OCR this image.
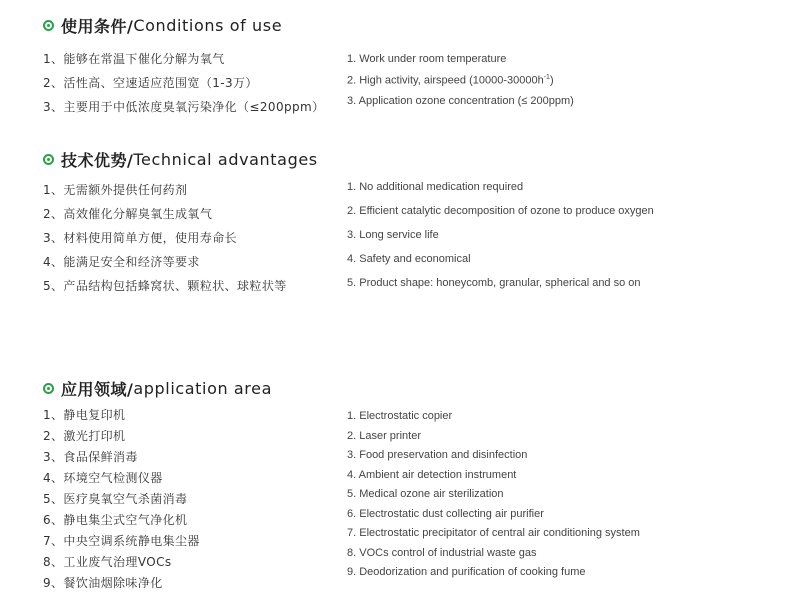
使用条件/ Conditions of use
1、能够在常温下催化分解为氧气
2、活性高、空速适应范围宽（1-3万）
3、主要用于中低浓度臭氧污染净化（≤200ppm）
1. Work under room temperature
2. High activity, airspeed $(10000-30000h^{-1})$
3. Application ozone concentration (≤ 200ppm)
技术优势/ Technical advantages
1、无需额外提供任何药剂
2、高效催化分解臭氧生成氧气
3、材料使用简单方便，使用寿命长
4、能满足安全和经济等要求
5、产品结构包括蜂窝状、颗粒状、球粒状等
1. No additional medication required
2. Efficient catalytic decomposition of ozone to produce oxygen
3. Long service life
4. Safety and economical
5. Product shape: honeycomb, granular, spherical and so on
应用领域/ application area
1、静电复印机
2、激光打印机
3、食品保鲜消毒
4、环境空气检测仪器
5、医疗臭氧空气杀菌消毒
6、静电集尘式空气净化机
7、中央空调系统静电集尘器
8、工业废气治理VOCs
9、餐饮油烟除味净化
1. Electrostatic copier
2. Laser printer
3. Food preservation and disinfection
4. Ambient air detection instrument
5. Medical ozone air sterilization
6. Electrostatic dust collecting air purifier
7. Electrostatic precipitator of central air conditioning system
8. VOCs control of industrial waste gas
9. Deodorization and purification of cooking fume
